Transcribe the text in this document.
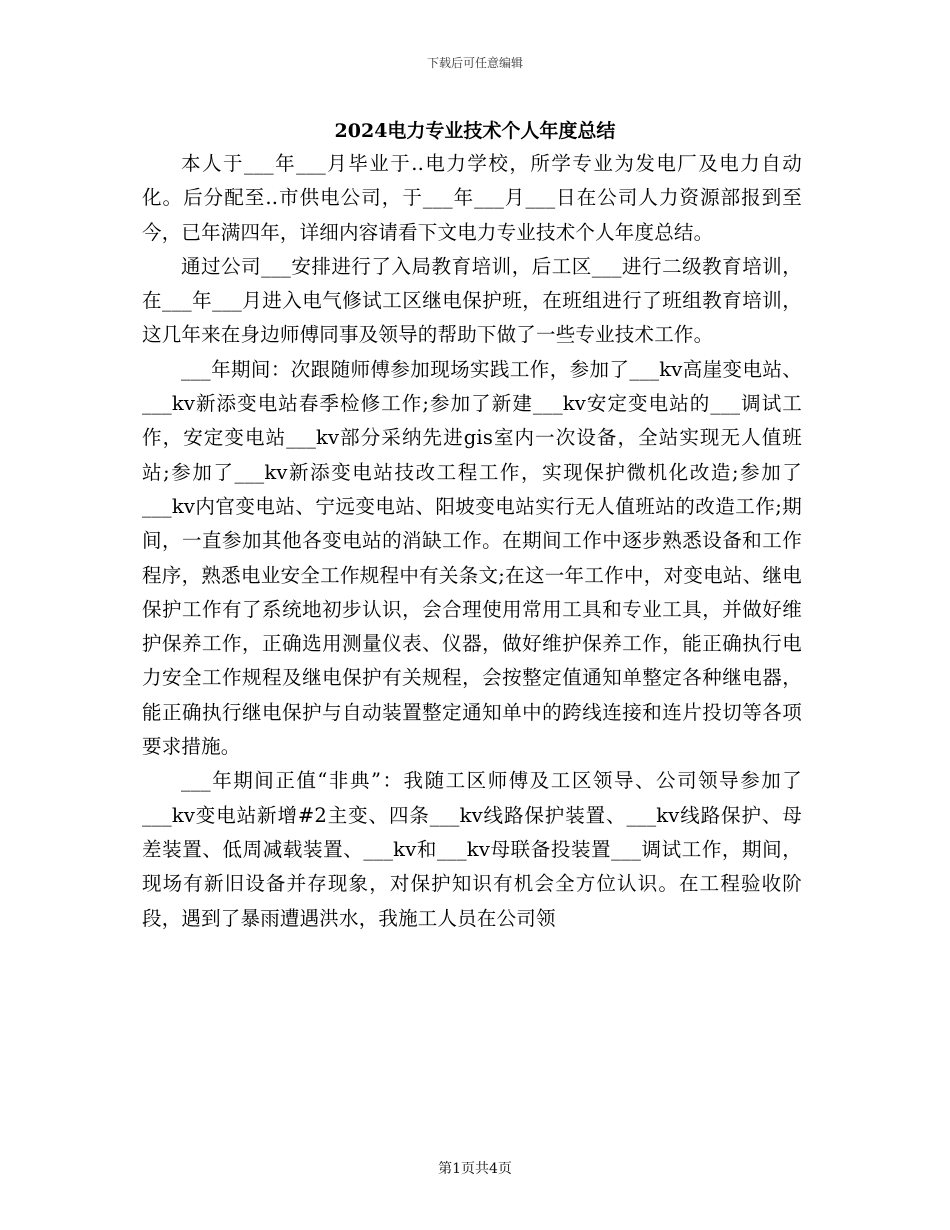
下载后可任意编辑
2024电力专业技术个人年度总结

本人于___年___月毕业于..电力学校，所学专业为发电厂及电力自动化。后分配至..市供电公司，于___年___月___日在公司人力资源部报到至今，已年满四年，详细内容请看下文电力专业技术个人年度总结。

通过公司___安排进行了入局教育培训，后工区___进行二级教育培训，在___年___月进入电气修试工区继电保护班，在班组进行了班组教育培训，这几年来在身边师傅同事及领导的帮助下做了一些专业技术工作。

___年期间：次跟随师傅参加现场实践工作，参加了___kv高崖变电站、___kv新添变电站春季检修工作;参加了新建___kv安定变电站的___调试工作，安定变电站___kv部分采纳先进gis室内一次设备，全站实现无人值班站;参加了___kv新添变电站技改工程工作，实现保护微机化改造;参加了___kv内官变电站、宁远变电站、阳坡变电站实行无人值班站的改造工作;期间，一直参加其他各变电站的消缺工作。在期间工作中逐步熟悉设备和工作程序，熟悉电业安全工作规程中有关条文;在这一年工作中，对变电站、继电保护工作有了系统地初步认识，会合理使用常用工具和专业工具，并做好维护保养工作，正确选用测量仪表、仪器，做好维护保养工作，能正确执行电力安全工作规程及继电保护有关规程，会按整定值通知单整定各种继电器，能正确执行继电保护与自动装置整定通知单中的跨线连接和连片投切等各项要求措施。

___年期间正值“非典”：我随工区师傅及工区领导、公司领导参加了___kv变电站新增#2主变、四条___kv线路保护装置、___kv线路保护、母差装置、低周减载装置、___kv和___kv母联备投装置___调试工作，期间，现场有新旧设备并存现象，对保护知识有机会全方位认识。在工程验收阶段，遇到了暴雨遭遇洪水，我施工人员在公司领

第1页共4页
